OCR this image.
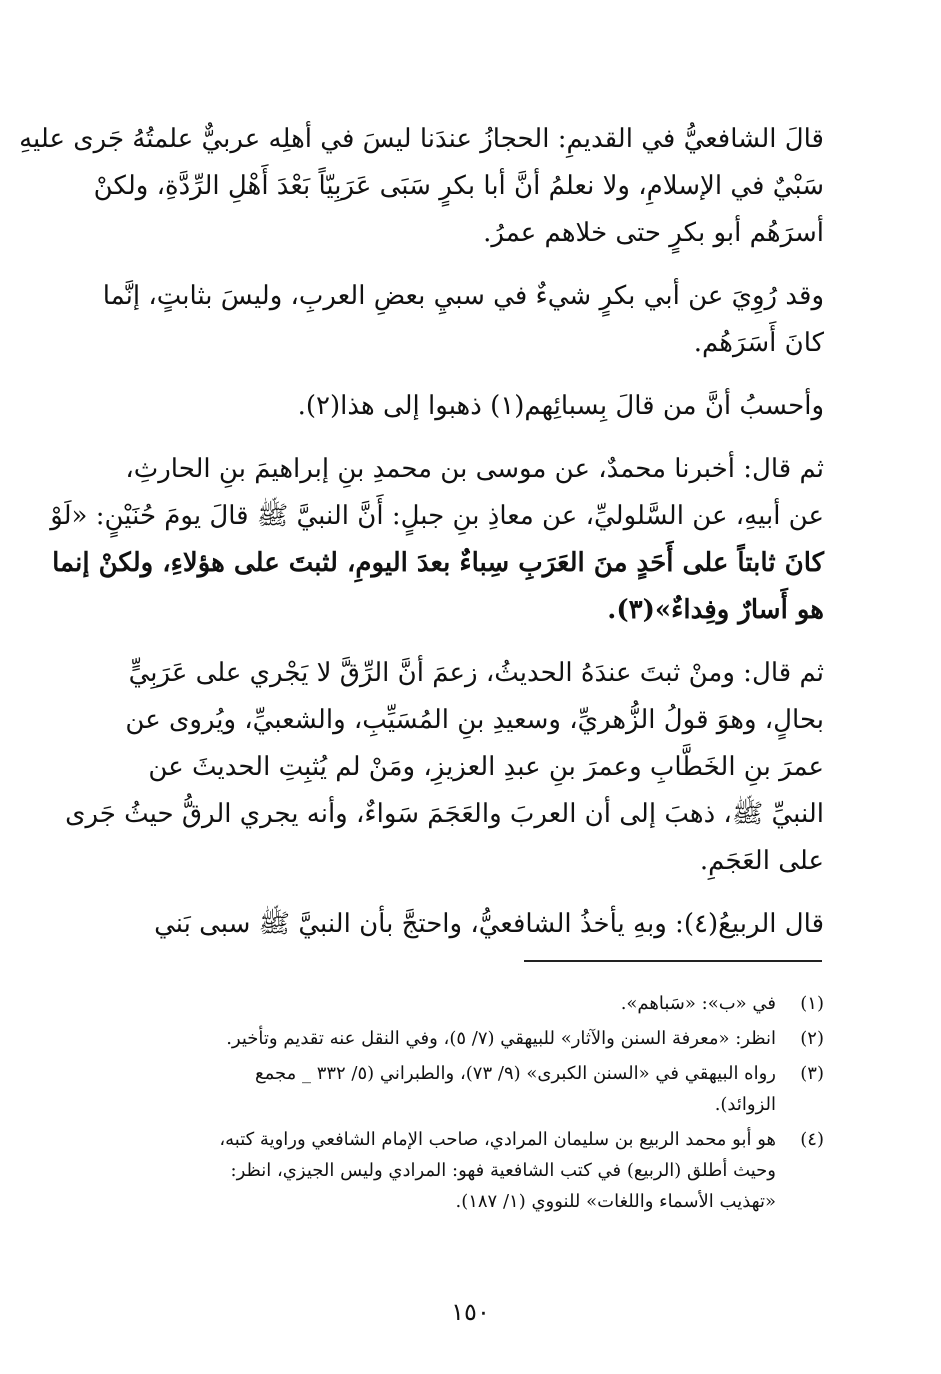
قالَ الشافعيُّ في القديمِ: الحجازُ عندَنا ليسَ في أهلِه عربيٌّ علمتُهُ جَرى عليهِ
سَبْيٌ في الإسلامِ، ولا نعلمُ أنَّ أبا بكرٍ سَبَى عَرَبِيّاً بَعْدَ أَهْلِ الرِّدَّةِ، ولكنْ
أسرَهُم أبو بكرٍ حتى خلاهم عمرُ.
وقد رُوِيَ عن أبي بكرٍ شيءٌ في سبيِ بعضِ العربِ، وليسَ بثابتٍ، إنَّما
كانَ أَسَرَهُم.
وأحسبُ أنَّ من قالَ بِسبائِهم(١) ذهبوا إلى هذا(٢).
ثم قال: أخبرنا محمدٌ، عن موسى بن محمدِ بنِ إبراهيمَ بنِ الحارثِ،
عن أبيهِ، عن السَّلوليِّ، عن معاذِ بنِ جبلٍ: أَنَّ النبيَّ ﷺ قالَ يومَ حُنَيْنٍ: «لَوْ
كانَ ثابتاً على أَحَدٍ منَ العَرَبِ سِباءٌ بعدَ اليومِ، لثبتَ على هؤلاءِ، ولكنْ إنما
هو أَسارٌ وفِداءٌ»(٣).
ثم قال: ومنْ ثبتَ عندَهُ الحديثُ، زعمَ أنَّ الرِّقَّ لا يَجْري على عَرَبِيٍّ
بحالٍ، وهوَ قولُ الزُّهريِّ، وسعيدِ بنِ المُسَيِّبِ، والشعبيِّ، ويُروى عن
عمرَ بنِ الخَطَّابِ وعمرَ بنِ عبدِ العزيزِ، ومَنْ لم يُثبِتِ الحديثَ عن
النبيِّ ﷺ، ذهبَ إلى أن العربَ والعَجَمَ سَواءٌ، وأنه يجري الرقُّ حيثُ جَرى
على العَجَمِ.
قال الربيعُ(٤): وبهِ يأخذُ الشافعيُّ، واحتجَّ بأن النبيَّ ﷺ سبى بَني
(١)
في «ب»: «سَباهم».
(٢)
انظر: «معرفة السنن والآثار» للبيهقي (٧/ ٥)، وفي النقل عنه تقديم وتأخير.
(٣)
رواه البيهقي في «السنن الكبرى» (٩/ ٧٣)، والطبراني (٥/ ٣٣٢ _ مجمع
الزوائد).
(٤)
هو أبو محمد الربيع بن سليمان المرادي، صاحب الإمام الشافعي وراوية كتبه،
وحيث أطلق (الربيع) في كتب الشافعية فهو: المرادي وليس الجيزي، انظر:
«تهذيب الأسماء واللغات» للنووي (١/ ١٨٧).
١٥٠
